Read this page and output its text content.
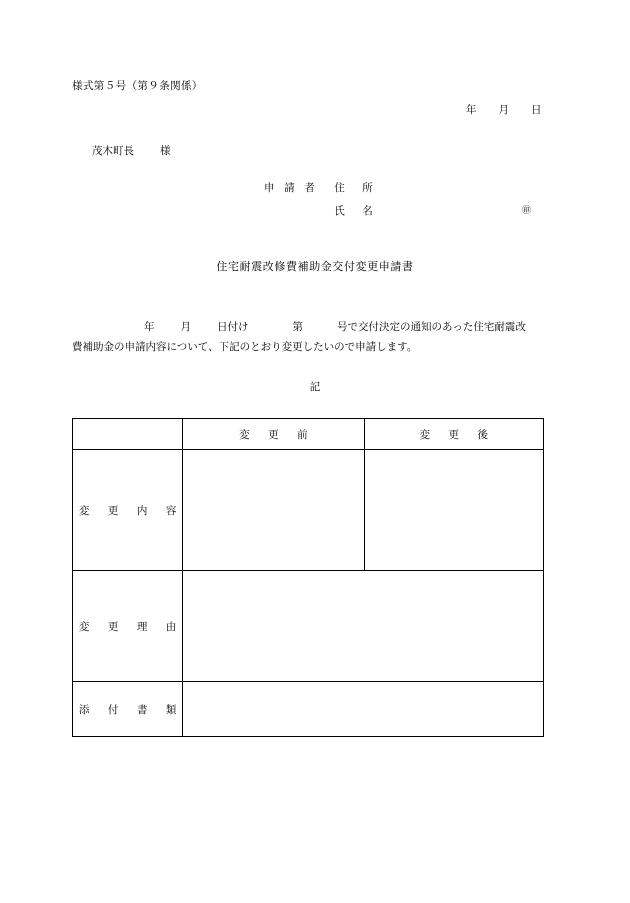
様式第５号（第９条関係）
年 月 日
茂木町長 様
申 請 者 住　所
氏　名	㊞
住宅耐震改修費補助金交付変更申請書
年 月 日付け	第	号で交付決定の通知のあった住宅耐震改
費補助金の申請内容について、下記のとおり変更したいので申請します。
記
	変　更　前	変　更　後
変　更　内　容		
変　更　理　由		
添　付　書　類		
